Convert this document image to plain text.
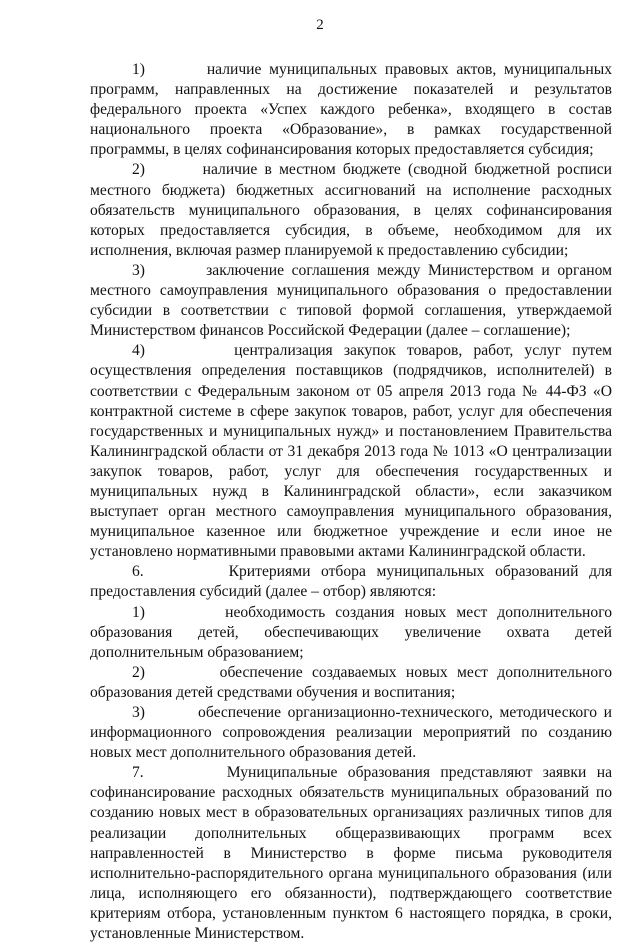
2

1)        наличие муниципальных правовых актов, муниципальных программ, направленных на достижение показателей и результатов федерального проекта «Успех каждого ребенка», входящего в состав национального проекта «Образование», в рамках государственной программы, в целях софинансирования которых предоставляется субсидия;

2)        наличие в местном бюджете (сводной бюджетной росписи местного бюджета) бюджетных ассигнований на исполнение расходных обязательств муниципального образования, в целях софинансирования которых предоставляется субсидия, в объеме, необходимом для их исполнения, включая размер планируемой к предоставлению субсидии;

3)        заключение соглашения между Министерством и органом местного самоуправления муниципального образования о предоставлении субсидии в соответствии с типовой формой соглашения, утверждаемой Министерством финансов Российской Федерации (далее – соглашение);

4)        централизация закупок товаров, работ, услуг путем осуществления определения поставщиков (подрядчиков, исполнителей) в соответствии с Федеральным законом от 05 апреля 2013 года № 44-ФЗ «О контрактной системе в сфере закупок товаров, работ, услуг для обеспечения государственных и муниципальных нужд» и постановлением Правительства Калининградской области от 31 декабря 2013 года № 1013 «О централизации закупок товаров, работ, услуг для обеспечения государственных и муниципальных нужд в Калининградской области», если заказчиком выступает орган местного самоуправления муниципального образования, муниципальное казенное или бюджетное учреждение и если иное не установлено нормативными правовыми актами Калининградской области.

6.        Критериями отбора муниципальных образований для предоставления субсидий (далее – отбор) являются:

1)        необходимость создания новых мест дополнительного образования детей, обеспечивающих увеличение охвата детей дополнительным образованием;

2)        обеспечение создаваемых новых мест дополнительного образования детей средствами обучения и воспитания;

3)        обеспечение организационно-технического, методического и информационного сопровождения реализации мероприятий по созданию новых мест дополнительного образования детей.

7.        Муниципальные образования представляют заявки на софинансирование расходных обязательств муниципальных образований по созданию новых мест в образовательных организациях различных типов для реализации дополнительных общеразвивающих программ всех направленностей в Министерство в форме письма руководителя исполнительно-распорядительного органа муниципального образования (или лица, исполняющего его обязанности), подтверждающего соответствие критериям отбора, установленным пунктом 6 настоящего порядка, в сроки, установленные Министерством.
